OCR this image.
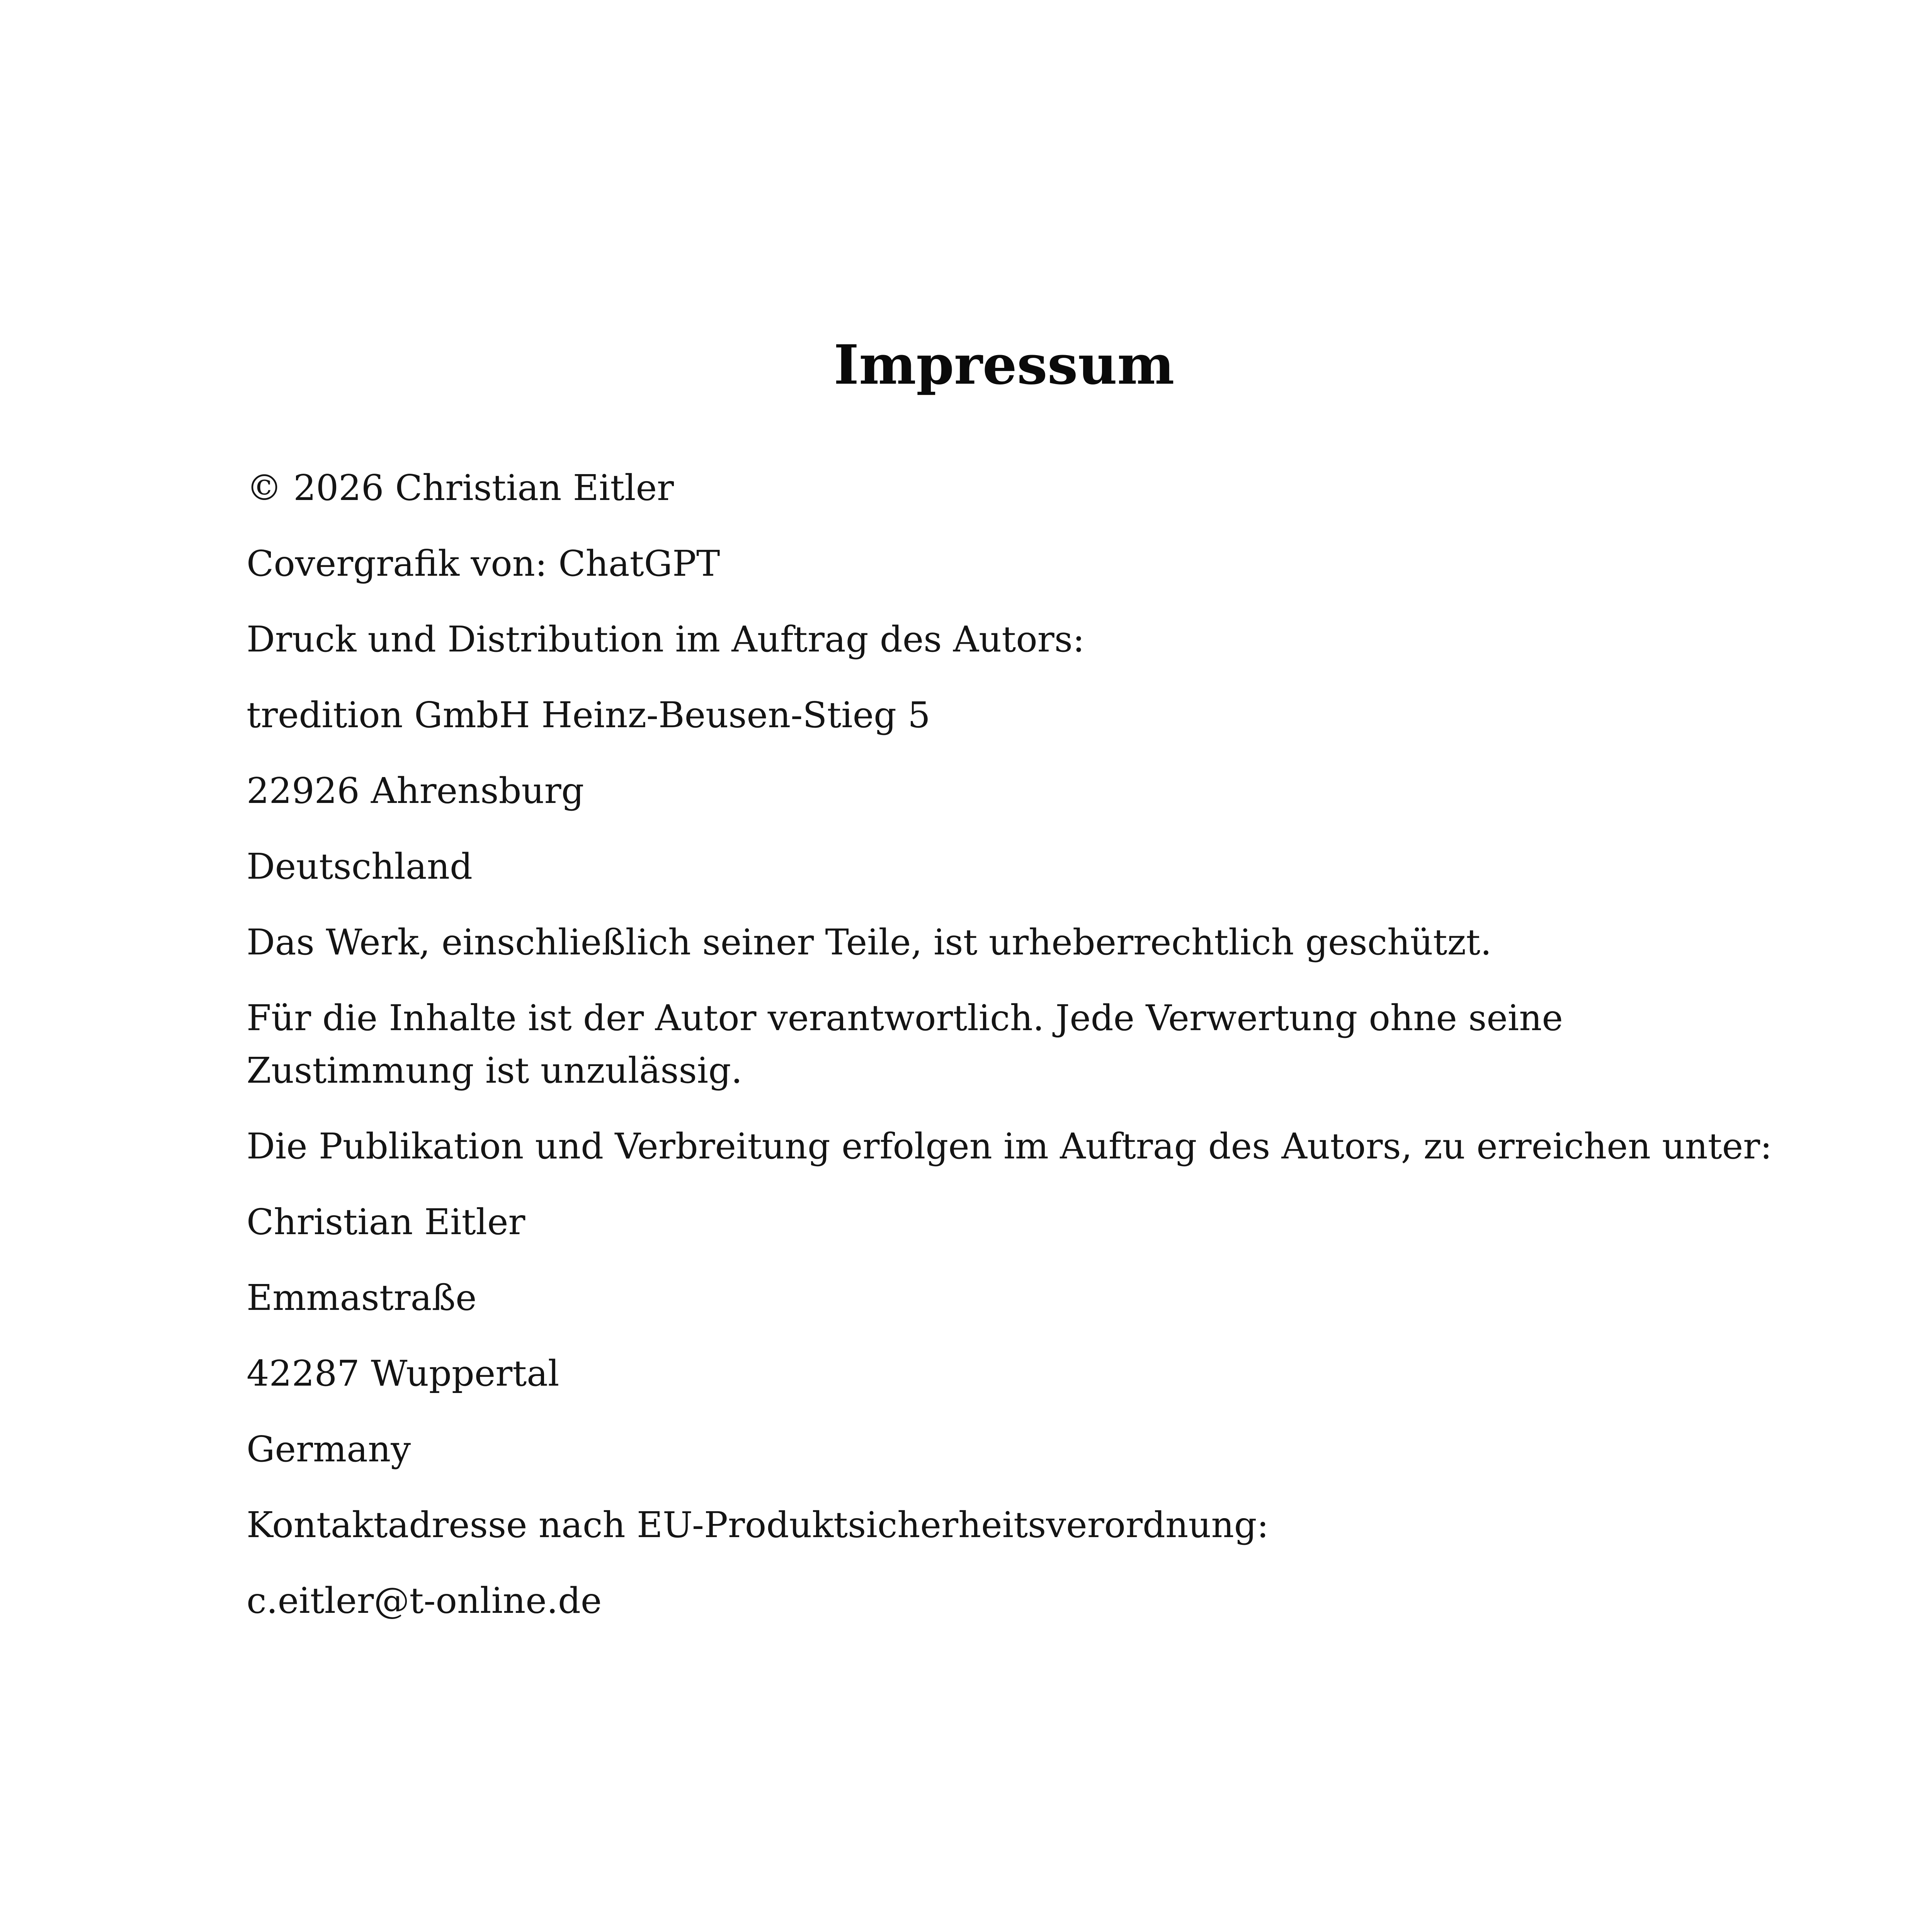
Impressum

© 2026 Christian Eitler

Covergrafik von: ChatGPT

Druck und Distribution im Auftrag des Autors:

tredition GmbH Heinz-Beusen-Stieg 5

22926 Ahrensburg

Deutschland

Das Werk, einschließlich seiner Teile, ist urheberrechtlich geschützt.

Für die Inhalte ist der Autor verantwortlich. Jede Verwertung ohne seine Zustimmung ist unzulässig.

Die Publikation und Verbreitung erfolgen im Auftrag des Autors, zu erreichen unter:

Christian Eitler

Emmastraße

42287 Wuppertal

Germany

Kontaktadresse nach EU-Produktsicherheitsverordnung:

c.eitler@t-online.de
